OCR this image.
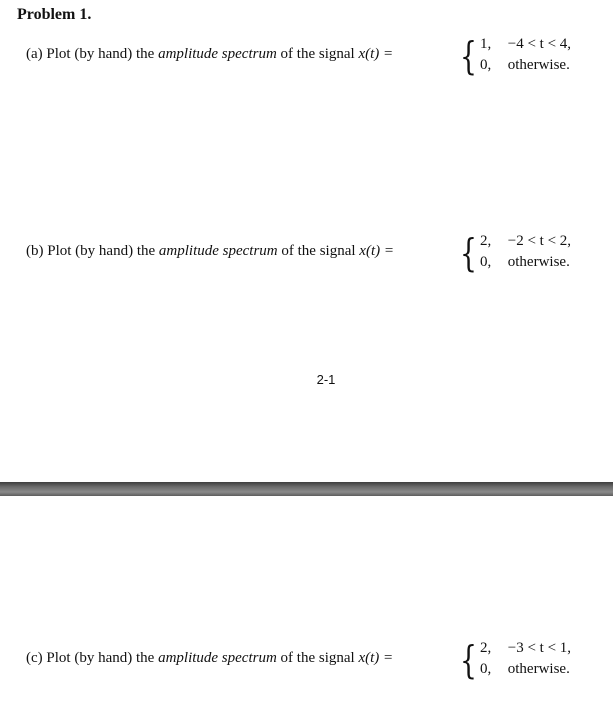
Problem 1.
(a) Plot (by hand) the amplitude spectrum of the signal x(t) = { 1, −4 < t < 4,
0, otherwise.
(b) Plot (by hand) the amplitude spectrum of the signal x(t) = { 2, −2 < t < 2,
0, otherwise.
2-1
(c) Plot (by hand) the amplitude spectrum of the signal x(t) = { 2, −3 < t < 1,
0, otherwise.
